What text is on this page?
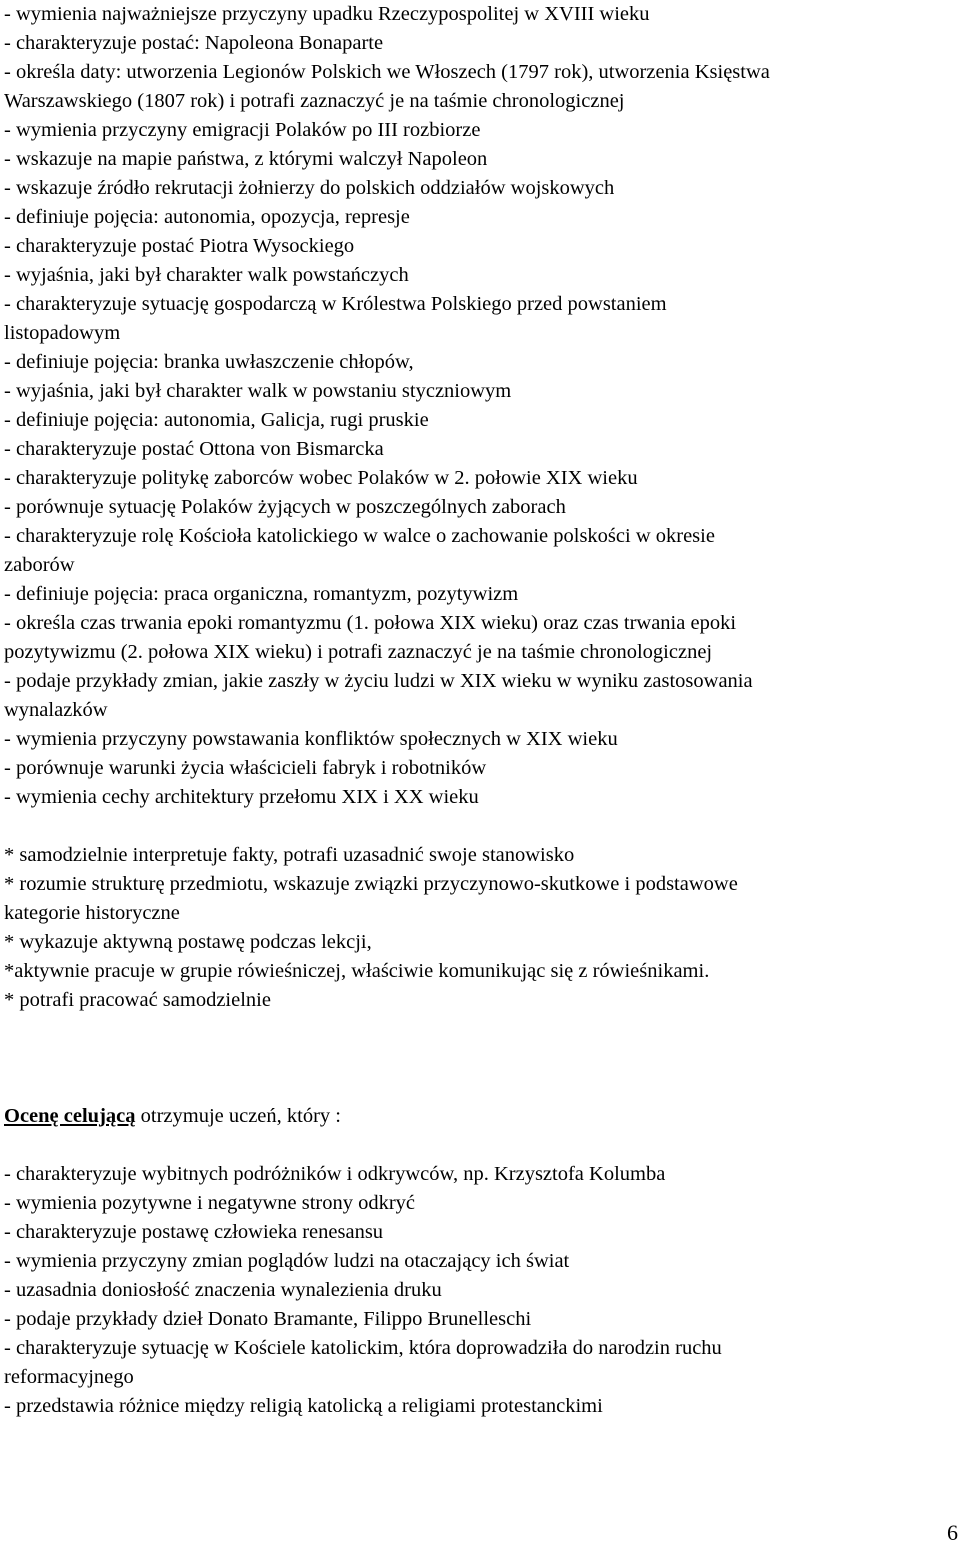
- wymienia najważniejsze przyczyny upadku Rzeczypospolitej w XVIII wieku

- charakteryzuje postać: Napoleona Bonaparte

- określa daty: utworzenia Legionów Polskich we Włoszech (1797 rok), utworzenia Księstwa

Warszawskiego (1807 rok) i potrafi zaznaczyć je na taśmie chronologicznej

- wymienia przyczyny emigracji Polaków po III rozbiorze

- wskazuje na mapie państwa, z którymi walczył Napoleon

- wskazuje źródło rekrutacji żołnierzy do polskich oddziałów wojskowych

- definiuje pojęcia: autonomia, opozycja, represje

- charakteryzuje postać Piotra Wysockiego

- wyjaśnia, jaki był charakter walk powstańczych

- charakteryzuje sytuację gospodarczą w Królestwa Polskiego przed powstaniem

listopadowym

- definiuje pojęcia: branka uwłaszczenie chłopów,

- wyjaśnia, jaki był charakter walk w powstaniu styczniowym

- definiuje pojęcia: autonomia, Galicja, rugi pruskie

- charakteryzuje postać Ottona von Bismarcka

- charakteryzuje politykę zaborców wobec Polaków w 2. połowie XIX wieku

- porównuje sytuację Polaków żyjących w poszczególnych zaborach

- charakteryzuje rolę Kościoła katolickiego w walce o zachowanie polskości w okresie

zaborów

- definiuje pojęcia: praca organiczna, romantyzm, pozytywizm

- określa czas trwania epoki romantyzmu (1. połowa XIX wieku) oraz czas trwania epoki

pozytywizmu (2. połowa XIX wieku) i potrafi zaznaczyć je na taśmie chronologicznej

- podaje przykłady zmian, jakie zaszły w życiu ludzi w XIX wieku w wyniku zastosowania

wynalazków

- wymienia przyczyny powstawania konfliktów społecznych w XIX wieku

- porównuje warunki życia właścicieli fabryk i robotników

- wymienia cechy architektury przełomu XIX i XX wieku

* samodzielnie interpretuje fakty, potrafi uzasadnić swoje stanowisko

* rozumie strukturę przedmiotu, wskazuje związki przyczynowo-skutkowe i podstawowe

kategorie historyczne

* wykazuje aktywną postawę podczas lekcji,

*aktywnie pracuje w grupie rówieśniczej, właściwie komunikując się z rówieśnikami.

* potrafi pracować samodzielnie

Ocenę celującą otrzymuje uczeń, który :

- charakteryzuje wybitnych podróżników i odkrywców, np. Krzysztofa Kolumba

- wymienia pozytywne i negatywne strony odkryć

- charakteryzuje postawę człowieka renesansu

- wymienia przyczyny zmian poglądów ludzi na otaczający ich świat

- uzasadnia doniosłość znaczenia wynalezienia druku

- podaje przykłady dzieł Donato Bramante, Filippo Brunelleschi

- charakteryzuje sytuację w Kościele katolickim, która doprowadziła do narodzin ruchu

reformacyjnego

- przedstawia różnice między religią katolicką a religiami protestanckimi

6
